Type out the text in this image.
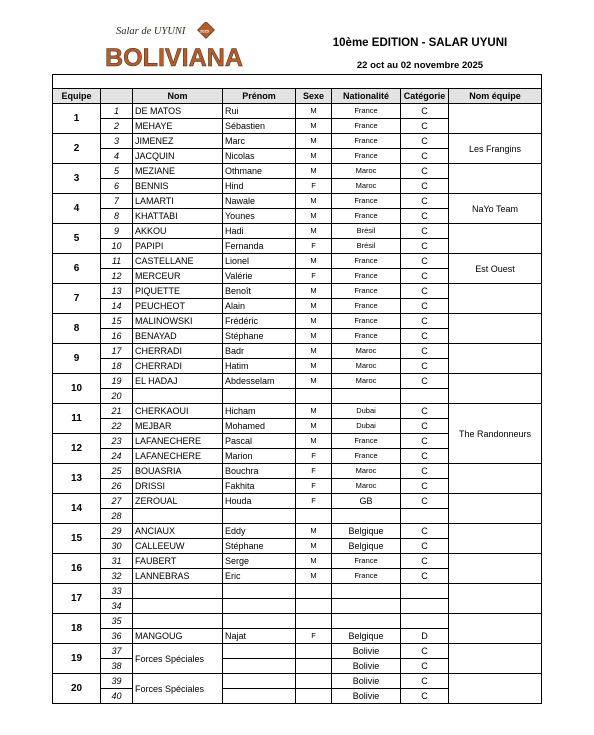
Salar de UYUNI	2025
BOLIVIANA
10ème EDITION - SALAR UYUNI
22 oct au 02 novembre 2025

Equipe		Nom	Prénom	Sexe	Nationalité	Catégorie	Nom équipe
1	1	DE MATOS	Rui	M	France	C	
	2	MEHAYE	Sébastien	M	France	C	
2	3	JIMENEZ	Marc	M	France	C	Les Frangins
	4	JACQUIN	Nicolas	M	France	C	
3	5	MEZIANE	Othmane	M	Maroc	C	
	6	BENNIS	Hind	F	Maroc	C	
4	7	LAMARTI	Nawale	M	France	C	NaYo Team
	8	KHATTABI	Younes	M	France	C	
5	9	AKKOU	Hadi	M	Brésil	C	
	10	PAPIPI	Fernanda	F	Brésil	C	
6	11	CASTELLANE	Lionel	M	France	C	Est Ouest
	12	MERCEUR	Valérie	F	France	C	
7	13	PIQUETTE	Benoît	M	France	C	
	14	PEUCHEOT	Alain	M	France	C	
8	15	MALINOWSKI	Frédéric	M	France	C	
	16	BENAYAD	Stéphane	M	France	C	
9	17	CHERRADI	Badr	M	Maroc	C	
	18	CHERRADI	Hatim	M	Maroc	C	
10	19	EL HADAJ	Abdesselam	M	Maroc	C	
	20						
11	21	CHERKAOUI	Hicham	M	Dubai	C	The Randonneurs
	22	MEJBAR	Mohamed	M	Dubai	C	
12	23	LAFANECHERE	Pascal	M	France	C	
	24	LAFANECHERE	Marion	F	France	C	
13	25	BOUASRIA	Bouchra	F	Maroc	C	
	26	DRISSI	Fakhita	F	Maroc	C	
14	27	ZEROUAL	Houda	F	GB	C	
	28						
15	29	ANCIAUX	Eddy	M	Belgique	C	
	30	CALLEEUW	Stéphane	M	Belgique	C	
16	31	FAUBERT	Serge	M	France	C	
	32	LANNEBRAS	Eric	M	France	C	
17	33						
	34						
18	35						
	36	MANGOUG	Najat	F	Belgique	D	
19	37	Forces Spéciales			Bolivie	C	
	38				Bolivie	C	
20	39	Forces Spéciales			Bolivie	C	
	40				Bolivie	C	
